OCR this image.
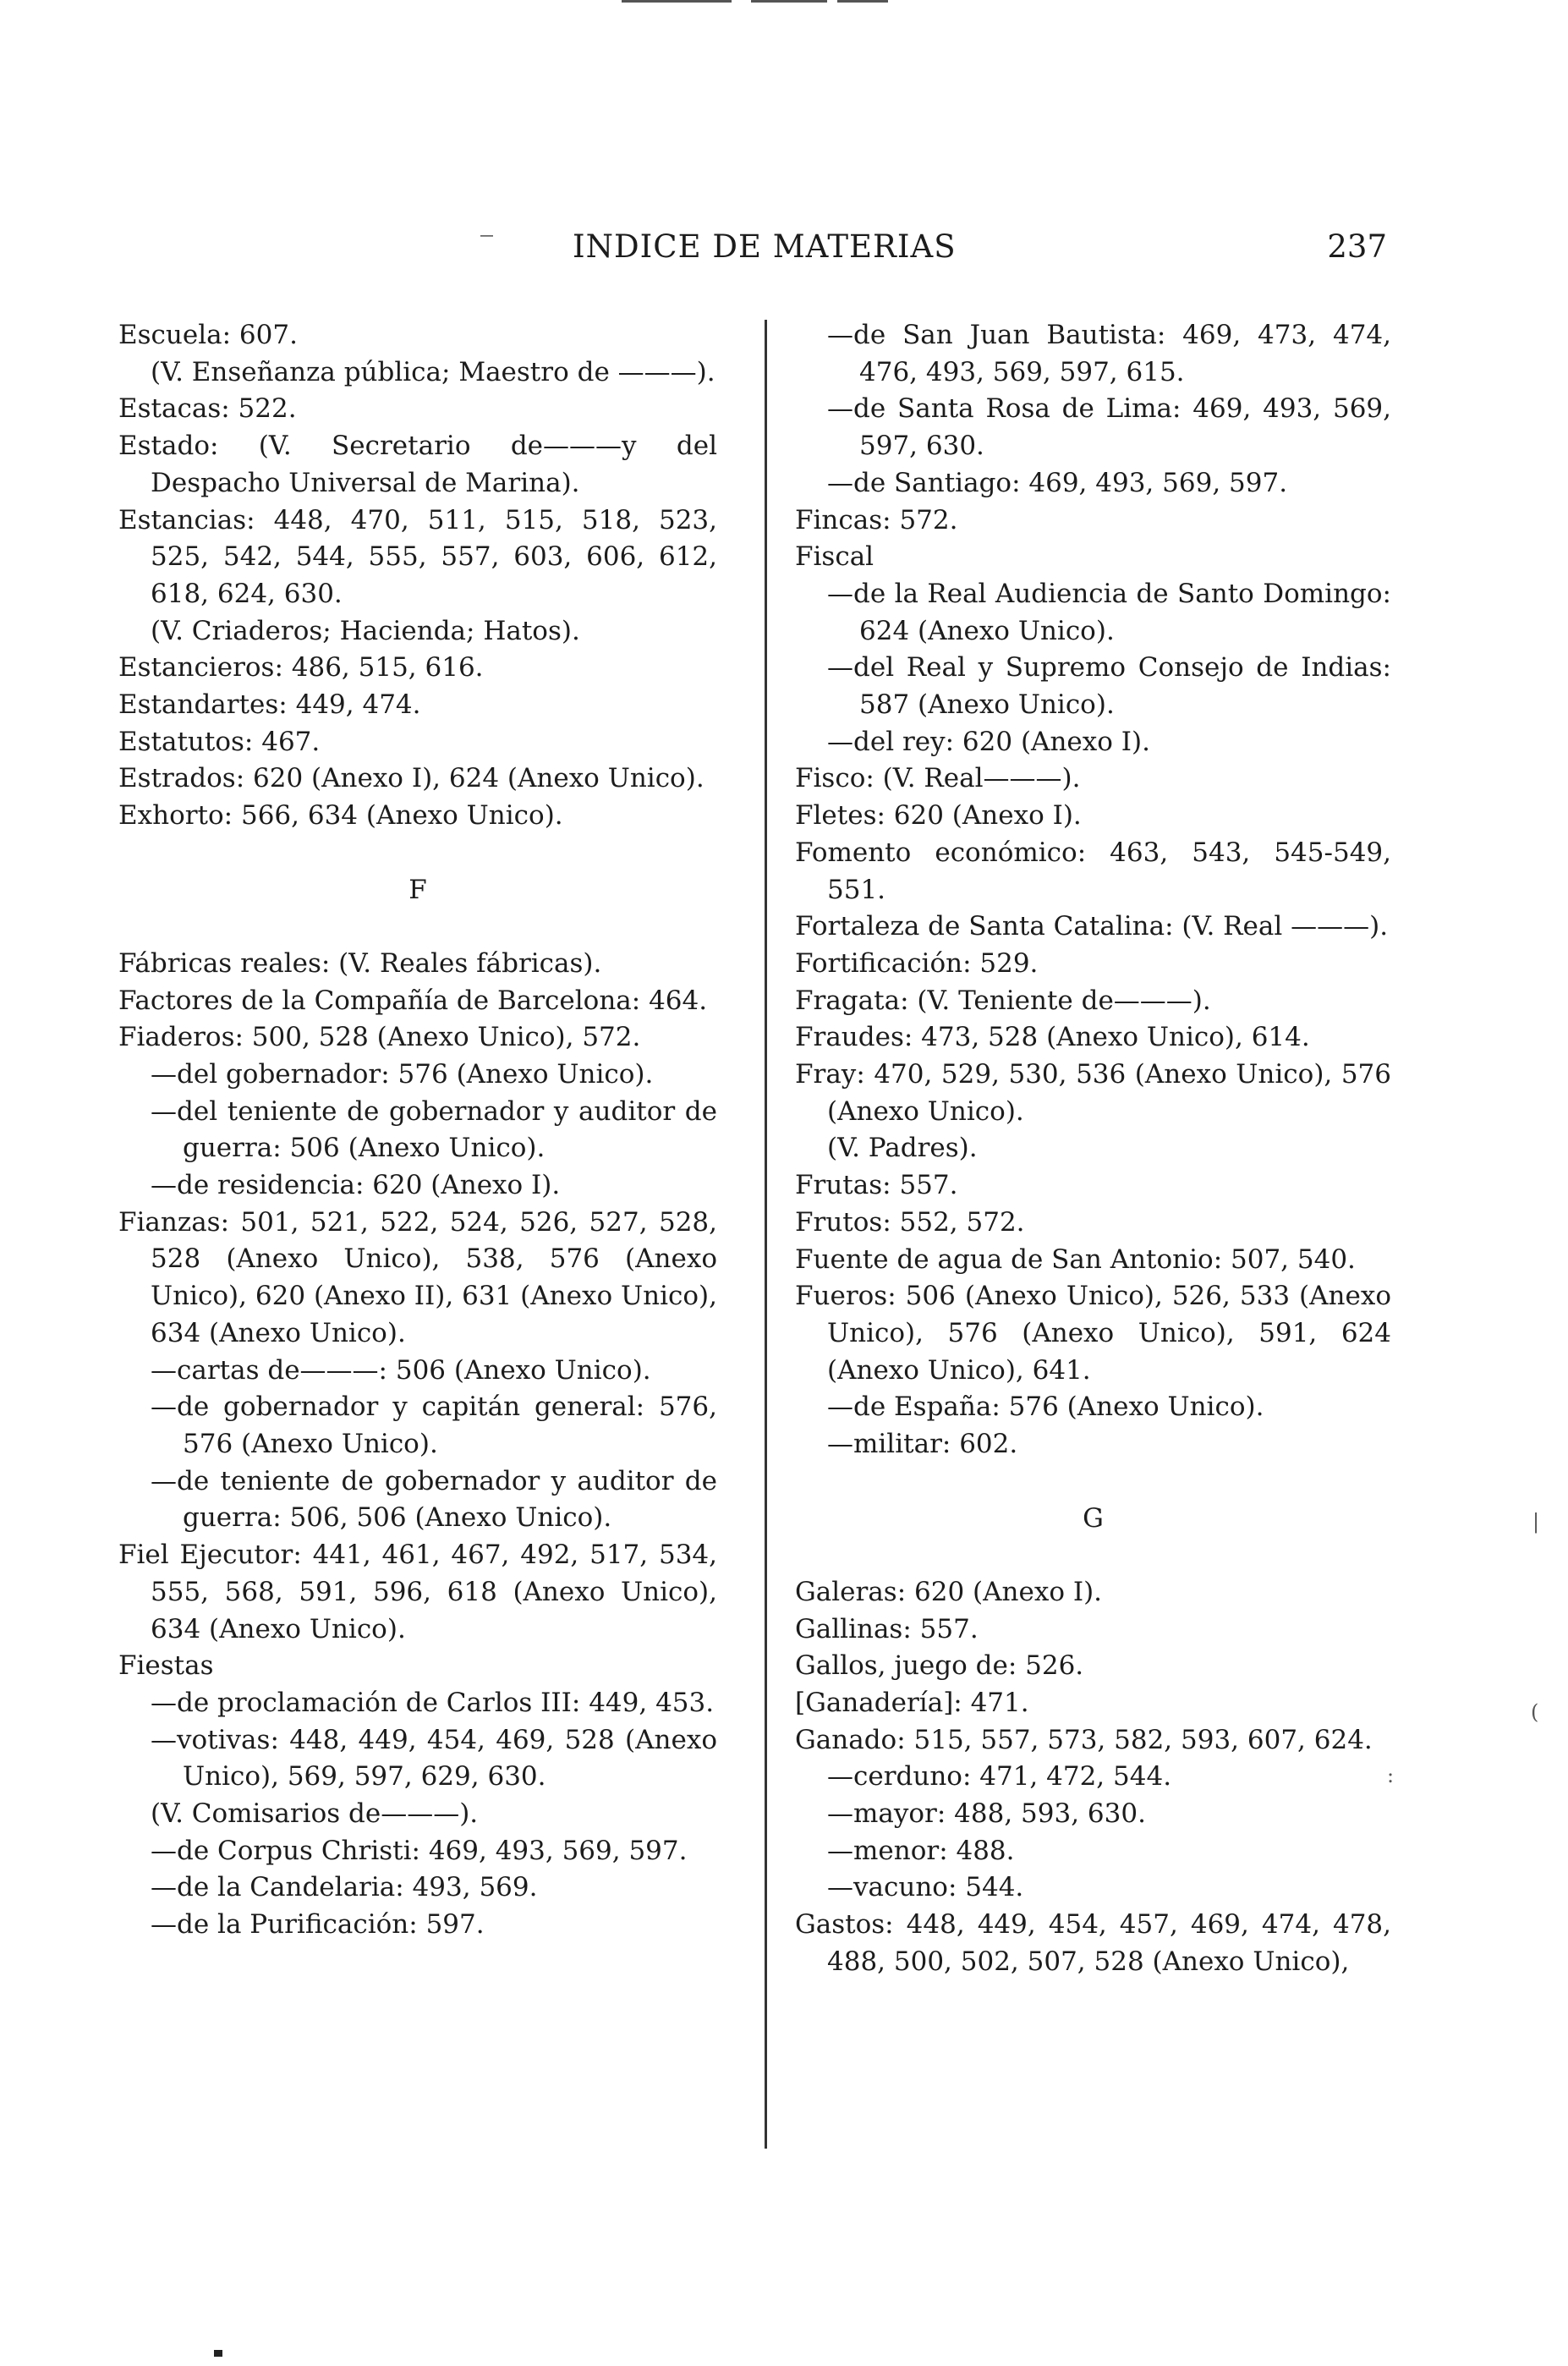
‾	INDICE DE MATERIAS	237
Escuela: 607.
(V. Enseñanza pública; Maestro de ———).
Estacas: 522.
Estado: (V. Secretario de———y del Despacho Universal de Marina).
Estancias: 448, 470, 511, 515, 518, 523, 525, 542, 544, 555, 557, 603, 606, 612, 618, 624, 630.
(V. Criaderos; Hacienda; Hatos).
Estancieros: 486, 515, 616.
Estandartes: 449, 474.
Estatutos: 467.
Estrados: 620 (Anexo I), 624 (Anexo Unico).
Exhorto: 566, 634 (Anexo Unico).
F
Fábricas reales: (V. Reales fábricas).
Factores de la Compañía de Barcelona: 464.
Fiaderos: 500, 528 (Anexo Unico), 572.
—del gobernador: 576 (Anexo Unico).
—del teniente de gobernador y auditor de guerra: 506 (Anexo Unico).
—de residencia: 620 (Anexo I).
Fianzas: 501, 521, 522, 524, 526, 527, 528, 528 (Anexo Unico), 538, 576 (Anexo Unico), 620 (Anexo II), 631 (Anexo Unico), 634 (Anexo Unico).
—cartas de———: 506 (Anexo Unico).
—de gobernador y capitán general: 576, 576 (Anexo Unico).
—de teniente de gobernador y auditor de guerra: 506, 506 (Anexo Unico).
Fiel Ejecutor: 441, 461, 467, 492, 517, 534, 555, 568, 591, 596, 618 (Anexo Unico), 634 (Anexo Unico).
Fiestas
—de proclamación de Carlos III: 449, 453.
—votivas: 448, 449, 454, 469, 528 (Anexo Unico), 569, 597, 629, 630.
(V. Comisarios de———).
—de Corpus Christi: 469, 493, 569, 597.
—de la Candelaria: 493, 569.
—de la Purificación: 597.
—de San Juan Bautista: 469, 473, 474, 476, 493, 569, 597, 615.
—de Santa Rosa de Lima: 469, 493, 569, 597, 630.
—de Santiago: 469, 493, 569, 597.
Fincas: 572.
Fiscal
—de la Real Audiencia de Santo Domingo: 624 (Anexo Unico).
—del Real y Supremo Consejo de Indias: 587 (Anexo Unico).
—del rey: 620 (Anexo I).
Fisco: (V. Real———).
Fletes: 620 (Anexo I).
Fomento económico: 463, 543, 545-549, 551.
Fortaleza de Santa Catalina: (V. Real ———).
Fortificación: 529.
Fragata: (V. Teniente de———).
Fraudes: 473, 528 (Anexo Unico), 614.
Fray: 470, 529, 530, 536 (Anexo Unico), 576 (Anexo Unico).
(V. Padres).
Frutas: 557.
Frutos: 552, 572.
Fuente de agua de San Antonio: 507, 540.
Fueros: 506 (Anexo Unico), 526, 533 (Anexo Unico), 576 (Anexo Unico), 591, 624 (Anexo Unico), 641.
—de España: 576 (Anexo Unico).
—militar: 602.
G
Galeras: 620 (Anexo I).
Gallinas: 557.
Gallos, juego de: 526.
[Ganadería]: 471.
Ganado: 515, 557, 573, 582, 593, 607, 624.
—cerduno: 471, 472, 544.
—mayor: 488, 593, 630.
—menor: 488.
—vacuno: 544.
Gastos: 448, 449, 454, 457, 469, 474, 478, 488, 500, 502, 507, 528 (Anexo Unico),
|
:
(
